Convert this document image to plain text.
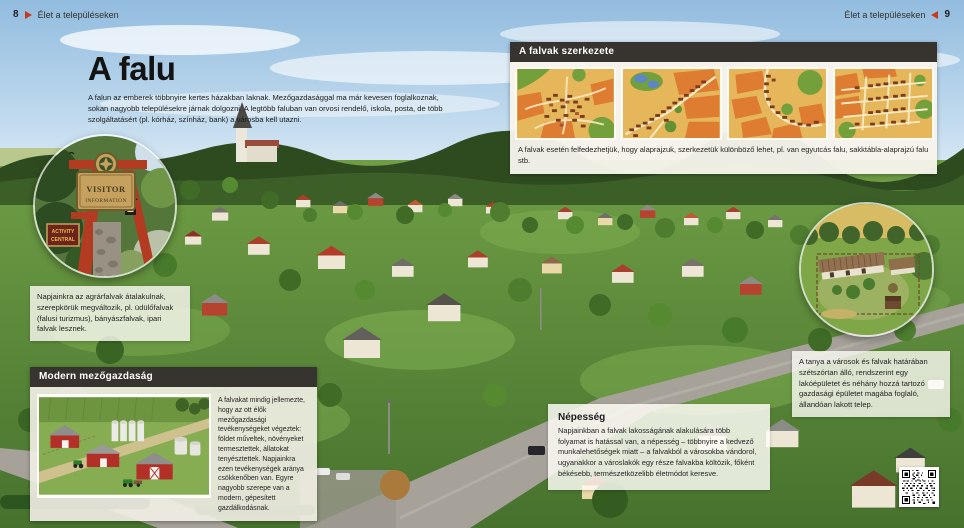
8 Élet a településeken	Élet a településeken 9
A falu

A falun az emberek többnyire kertes házakban laknak. Mezőgazdasággal ma már kevesen foglalkoznak, sokan nagyobb településekre járnak dolgozni. A legtöbb faluban van orvosi rendelő, iskola, posta, de több szolgáltatásért (pl. kórház, színház, bank) a városba kell utazni.

A falvak szerkezete
A falvak esetén felfedezhetjük, hogy alaprajzuk, szerkezetük különböző lehet, pl. van egyutcás falu, sakktábla-alaprajzú falu stb.
VISITOR
INFORMATION
ACTIVITY
CENTRAL
Napjainkra az agrárfalvak átalakulnak, szerepkörük megváltozik, pl. üdülőfalvak (falusi turizmus), bányászfalvak, ipari falvak lesznek.
Modern mezőgazdaság
A falvakat mindig jellemezte, hogy az ott élők mezőgazdasági tevékenységeket végeztek: földet műveltek, növényeket termesztettek, állatokat tenyésztettek. Napjainkra ezen tevékenységek aránya csökkenőben van. Egyre nagyobb szerepe van a modern, gépesített gazdálkodásnak.
A tanya a városok és falvak határában szétszórtan álló, rendszerint egy lakóépületet és néhány hozzá tartozó gazdasági épületet magába foglaló, állandóan lakott telep.
Népesség
Napjainkban a falvak lakosságának alakulására több folyamat is hatással van, a népesség – többnyire a kedvező munkalehetőségek miatt – a falvakból a városokba vándorol, ugyanakkor a városlakók egy része falvakba költözik, főként békésebb, természetközelibb életmódot keresve.
